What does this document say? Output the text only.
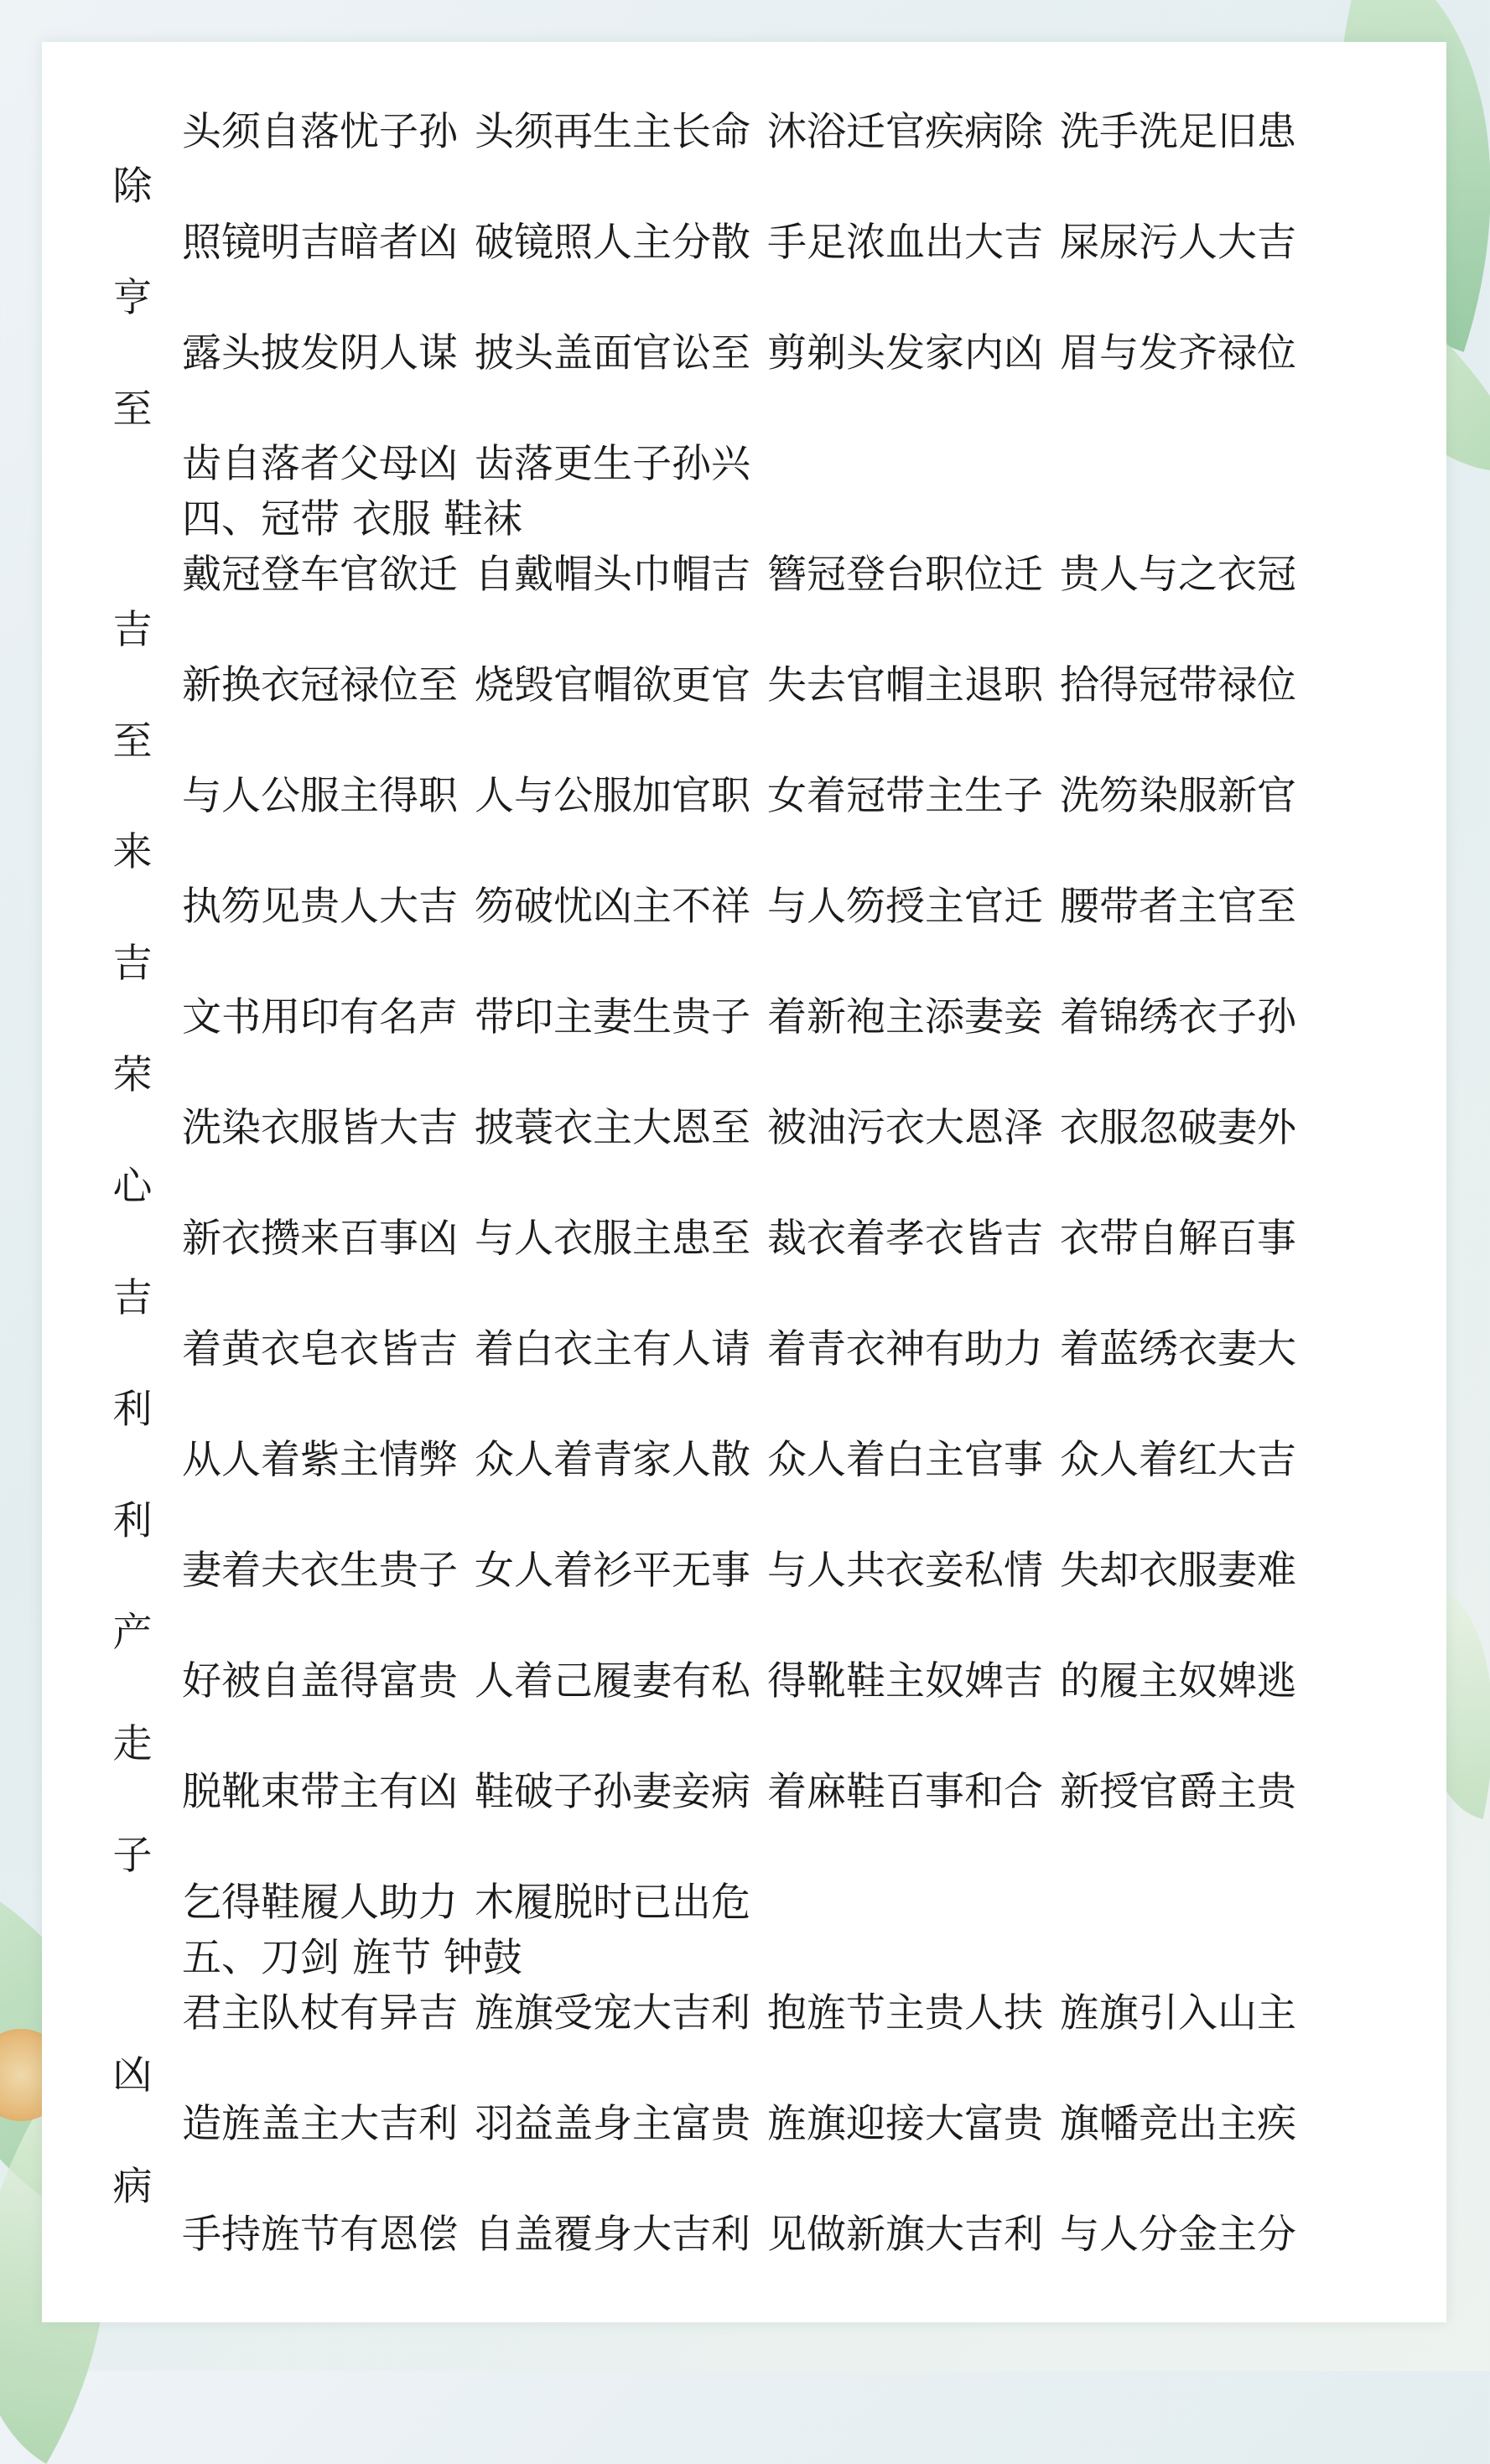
除
亨
至
吉
至
来
吉
荣
心
吉
利
利
产
走
子
凶
病
头须自落忧子孙 头须再生主长命 沐浴迁官疾病除 洗手洗足旧患
照镜明吉暗者凶 破镜照人主分散 手足浓血出大吉 屎尿污人大吉
露头披发阴人谋 披头盖面官讼至 剪剃头发家内凶 眉与发齐禄位
齿自落者父母凶 齿落更生子孙兴
四、冠带 衣服 鞋袜
戴冠登车官欲迁 自戴帽头巾帽吉 簪冠登台职位迁 贵人与之衣冠
新换衣冠禄位至 烧毁官帽欲更官 失去官帽主退职 拾得冠带禄位
与人公服主得职 人与公服加官职 女着冠带主生子 洗笏染服新官
执笏见贵人大吉 笏破忧凶主不祥 与人笏授主官迁 腰带者主官至
文书用印有名声 带印主妻生贵子 着新袍主添妻妾 着锦绣衣子孙
洗染衣服皆大吉 披蓑衣主大恩至 被油污衣大恩泽 衣服忽破妻外
新衣攒来百事凶 与人衣服主患至 裁衣着孝衣皆吉 衣带自解百事
着黄衣皂衣皆吉 着白衣主有人请 着青衣神有助力 着蓝绣衣妻大
从人着紫主情弊 众人着青家人散 众人着白主官事 众人着红大吉
妻着夫衣生贵子 女人着衫平无事 与人共衣妾私情 失却衣服妻难
好被自盖得富贵 人着己履妻有私 得靴鞋主奴婢吉 的履主奴婢逃
脱靴束带主有凶 鞋破子孙妻妾病 着麻鞋百事和合 新授官爵主贵
乞得鞋履人助力 木履脱时已出危
五、刀剑 旌节 钟鼓
君主队杖有异吉 旌旗受宠大吉利 抱旌节主贵人扶 旌旗引入山主
造旌盖主大吉利 羽益盖身主富贵 旌旗迎接大富贵 旗幡竞出主疾
手持旌节有恩偿 自盖覆身大吉利 见做新旗大吉利 与人分金主分
